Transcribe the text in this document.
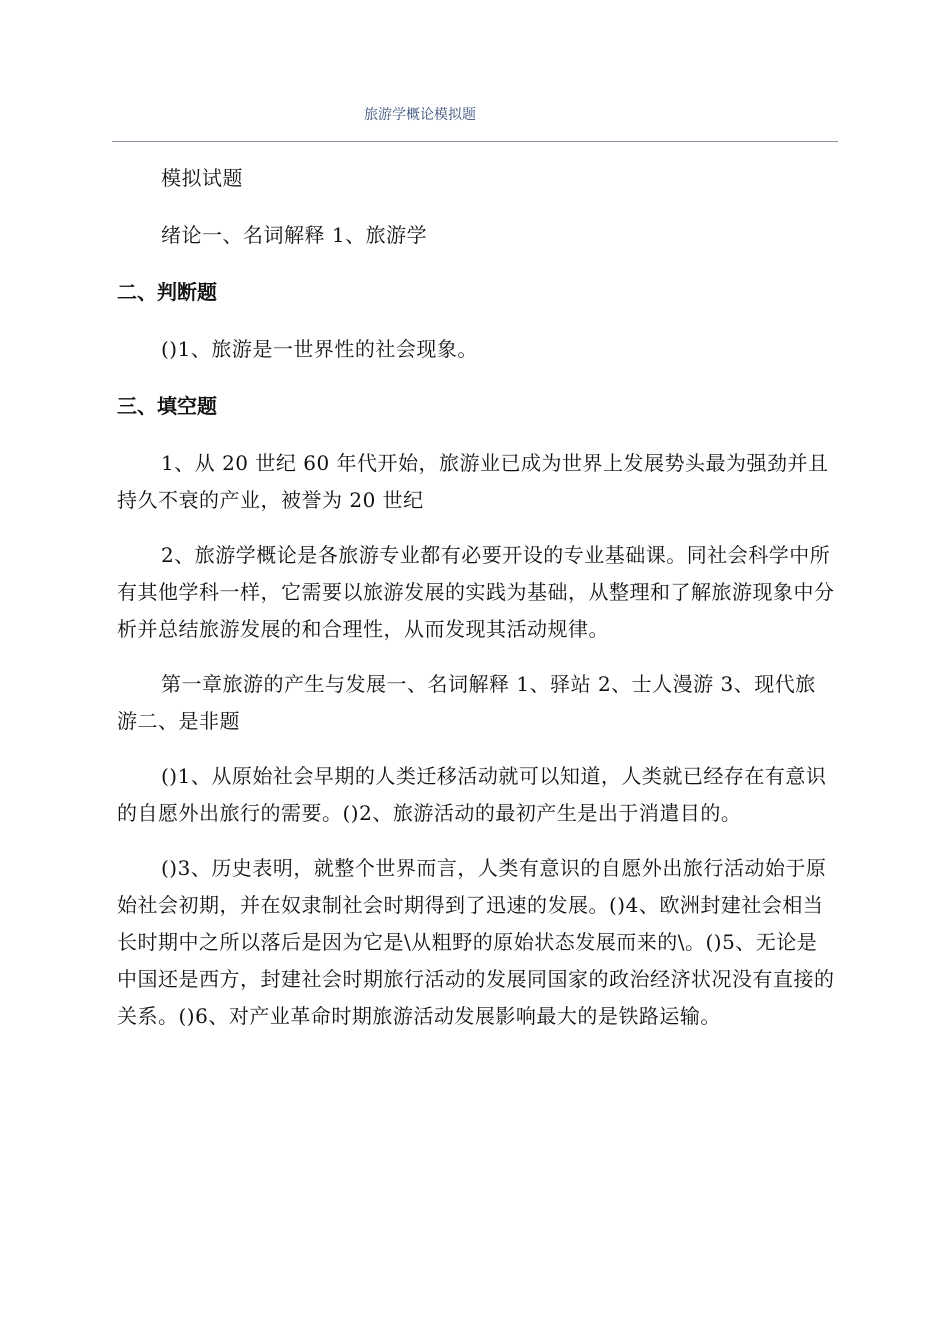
旅游学概论模拟题

模拟试题

绪论一、名词解释 1、旅游学

二、判断题

()1、旅游是一世界性的社会现象。

三、填空题

1、从 20 世纪 60 年代开始，旅游业已成为世界上发展势头最为强劲并且持久不衰的产业，被誉为 20 世纪

2、旅游学概论是各旅游专业都有必要开设的专业基础课。同社会科学中所有其他学科一样，它需要以旅游发展的实践为基础，从整理和了解旅游现象中分析并总结旅游发展的和合理性，从而发现其活动规律。

第一章旅游的产生与发展一、名词解释 1、驿站 2、士人漫游 3、现代旅游二、是非题

()1、从原始社会早期的人类迁移活动就可以知道，人类就已经存在有意识的自愿外出旅行的需要。()2、旅游活动的最初产生是出于消遣目的。

()3、历史表明，就整个世界而言，人类有意识的自愿外出旅行活动始于原始社会初期，并在奴隶制社会时期得到了迅速的发展。()4、欧洲封建社会相当长时期中之所以落后是因为它是\从粗野的原始状态发展而来的\。()5、无论是中国还是西方，封建社会时期旅行活动的发展同国家的政治经济状况没有直接的关系。()6、对产业革命时期旅游活动发展影响最大的是铁路运输。
